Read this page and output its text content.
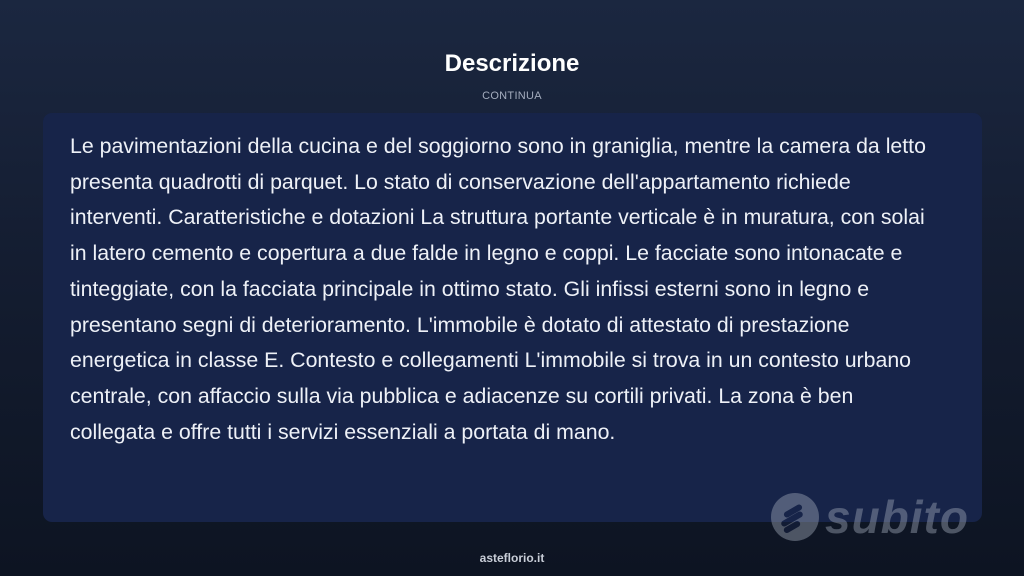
Descrizione
CONTINUA

Le pavimentazioni della cucina e del soggiorno sono in graniglia, mentre la camera da letto presenta quadrotti di parquet. Lo stato di conservazione dell'appartamento richiede interventi. Caratteristiche e dotazioni La struttura portante verticale è in muratura, con solai in latero cemento e copertura a due falde in legno e coppi. Le facciate sono intonacate e tinteggiate, con la facciata principale in ottimo stato. Gli infissi esterni sono in legno e presentano segni di deterioramento. L'immobile è dotato di attestato di prestazione energetica in classe E. Contesto e collegamenti L'immobile si trova in un contesto urbano centrale, con affaccio sulla via pubblica e adiacenze su cortili privati. La zona è ben collegata e offre tutti i servizi essenziali a portata di mano.

subito
asteflorio.it
